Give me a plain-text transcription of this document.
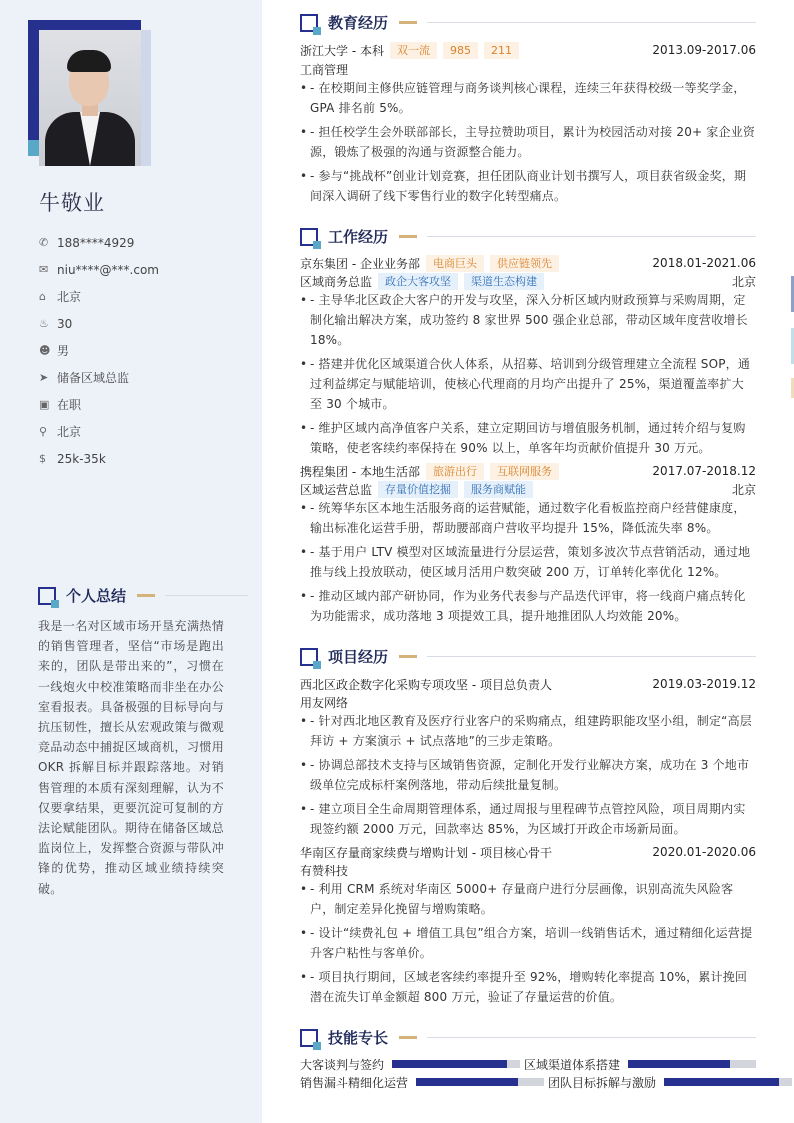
牛敬业
✆ 188****4929
✉ niu****@***.com
⌂ 北京
♨ 30
☻ 男
➤ 储备区域总监
▣ 在职
⚲ 北京
$ 25k-35k
个人总结
我是一名对区域市场开垦充满热情的销售管理者，坚信“市场是跑出来的，团队是带出来的”，习惯在一线炮火中校准策略而非坐在办公室看报表。具备极强的目标导向与抗压韧性，擅长从宏观政策与微观竞品动态中捕捉区域商机，习惯用 OKR 拆解目标并跟踪落地。对销售管理的本质有深刻理解，认为不仅要拿结果，更要沉淀可复制的方法论赋能团队。期待在储备区域总监岗位上，发挥整合资源与带队冲锋的优势，推动区域业绩持续突破。
教育经历
浙江大学 - 本科	双一流	985	211	2013.09-2017.06
工商管理
• - 在校期间主修供应链管理与商务谈判核心课程，连续三年获得校级一等奖学金，GPA 排名前 5%。
• - 担任校学生会外联部部长，主导拉赞助项目，累计为校园活动对接 20+ 家企业资源，锻炼了极强的沟通与资源整合能力。
• - 参与“挑战杯”创业计划竞赛，担任团队商业计划书撰写人，项目获省级金奖，期间深入调研了线下零售行业的数字化转型痛点。
工作经历
京东集团 - 企业业务部	电商巨头	供应链领先	2018.01-2021.06
区域商务总监	政企大客攻坚	渠道生态构建	北京
• - 主导华北区政企大客户的开发与攻坚，深入分析区域内财政预算与采购周期，定制化输出解决方案，成功签约 8 家世界 500 强企业总部，带动区域年度营收增长 18%。
• - 搭建并优化区域渠道合伙人体系，从招募、培训到分级管理建立全流程 SOP，通过利益绑定与赋能培训，使核心代理商的月均产出提升了 25%，渠道覆盖率扩大至 30 个城市。
• - 维护区域内高净值客户关系，建立定期回访与增值服务机制，通过转介绍与复购策略，使老客续约率保持在 90% 以上，单客年均贡献价值提升 30 万元。
携程集团 - 本地生活部	旅游出行	互联网服务	2017.07-2018.12
区域运营总监	存量价值挖掘	服务商赋能	北京
• - 统筹华东区本地生活服务商的运营赋能，通过数字化看板监控商户经营健康度，输出标准化运营手册，帮助腰部商户营收平均提升 15%，降低流失率 8%。
• - 基于用户 LTV 模型对区域流量进行分层运营，策划多波次节点营销活动，通过地推与线上投放联动，使区域月活用户数突破 200 万，订单转化率优化 12%。
• - 推动区域内部产研协同，作为业务代表参与产品迭代评审，将一线商户痛点转化为功能需求，成功落地 3 项提效工具，提升地推团队人均效能 20%。
项目经历
西北区政企数字化采购专项攻坚 - 项目总负责人	2019.03-2019.12
用友网络
• - 针对西北地区教育及医疗行业客户的采购痛点，组建跨职能攻坚小组，制定“高层拜访 + 方案演示 + 试点落地”的三步走策略。
• - 协调总部技术支持与区域销售资源，定制化开发行业解决方案，成功在 3 个地市级单位完成标杆案例落地，带动后续批量复制。
• - 建立项目全生命周期管理体系，通过周报与里程碑节点管控风险，项目周期内实现签约额 2000 万元，回款率达 85%，为区域打开政企市场新局面。
华南区存量商家续费与增购计划 - 项目核心骨干	2020.01-2020.06
有赞科技
• - 利用 CRM 系统对华南区 5000+ 存量商户进行分层画像，识别高流失风险客户，制定差异化挽留与增购策略。
• - 设计“续费礼包 + 增值工具包”组合方案，培训一线销售话术，通过精细化运营提升客户粘性与客单价。
• - 项目执行期间，区域老客续约率提升至 92%，增购转化率提高 10%，累计挽回潜在流失订单金额超 800 万元，验证了存量运营的价值。
技能专长
大客谈判与签约	区域渠道体系搭建
销售漏斗精细化运营	团队目标拆解与激励
